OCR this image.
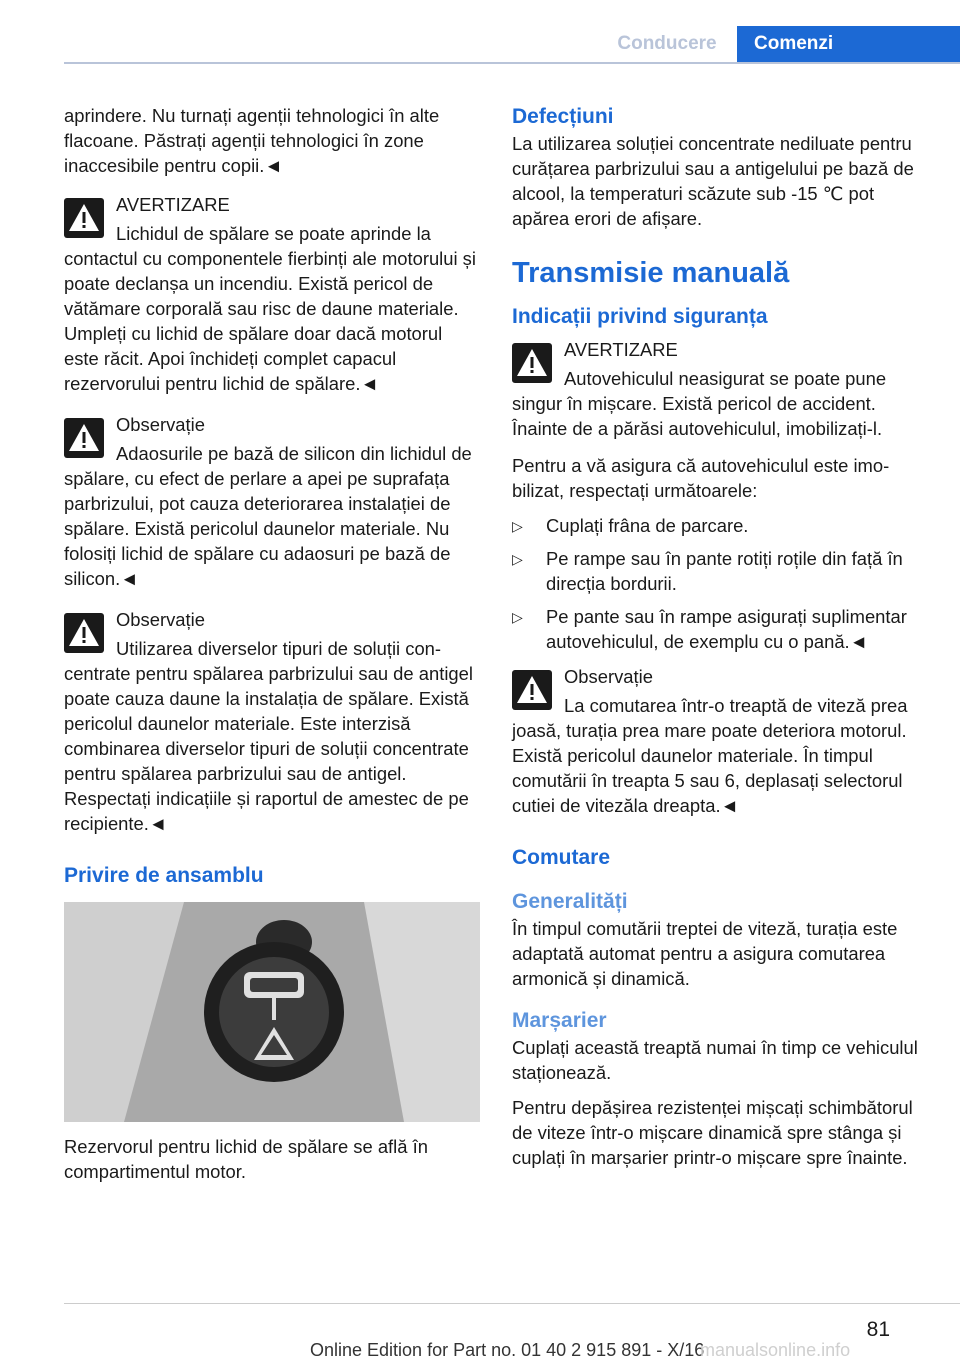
Conducere	Comenzi

aprindere. Nu turnați agenții tehnologici în alte flacoane. Păstrați agenții tehnologici în zone inaccesibile pentru copii.◄

AVERTIZARE

Lichidul de spălare se poate aprinde la contactul cu componentele fierbinți ale motorului și poate declanșa un incendiu. Există pericol de vătămare corporală sau risc de daune materiale. Umpleți cu lichid de spălare doar dacă motorul este răcit. Apoi închideți complet capacul rezervorului pentru lichid de spălare.◄

Observație

Adaosurile pe bază de silicon din lichidul de spălare, cu efect de perlare a apei pe suprafața parbrizului, pot cauza deteriorarea instalației de spălare. Există pericolul daunelor materiale. Nu folosiți lichid de spălare cu adaosuri pe bază de silicon.◄

Observație

Utilizarea diverselor tipuri de soluții concentrate pentru spălarea parbrizului sau de antigel poate cauza daune la instalația de spălare. Există pericolul daunelor materiale. Este interzisă combinarea diverselor tipuri de soluții concentrate pentru spălarea parbrizului sau de antigel. Respectați indicațiile și raportul de amestec de pe recipiente.◄

Privire de ansamblu

Rezervorul pentru lichid de spălare se află în compartimentul motor.

Defecțiuni

La utilizarea soluției concentrate nediluate pentru curățarea parbrizului sau a antigelului pe bază de alcool, la temperaturi scăzute sub -15 ℃ pot apărea erori de afișare.

Transmisie manuală

Indicații privind siguranța

AVERTIZARE

Autovehiculul neasigurat se poate pune singur în mișcare. Există pericol de accident. Înainte de a părăsi autovehiculul, imobilizați-l.

Pentru a vă asigura că autovehiculul este imobilizat, respectați următoarele:

▷ Cuplați frâna de parcare.
▷ Pe rampe sau în pante rotiți roțile din față în direcția bordurii.
▷ Pe pante sau în rampe asigurați suplimentar autovehiculul, de exemplu cu o pană.◄

Observație

La comutarea într-o treaptă de viteză prea joasă, turația prea mare poate deteriora motorul. Există pericolul daunelor materiale. În timpul comutării în treapta 5 sau 6, deplasați selectorul cutiei de vitezăla dreapta.◄

Comutare

Generalități

În timpul comutării treptei de viteză, turația este adaptată automat pentru a asigura comutarea armonică și dinamică.

Marșarier

Cuplați această treaptă numai în timp ce vehiculul staționează.

Pentru depășirea rezistenței mișcați schimbătorul de viteze într-o mișcare dinamică spre stânga și cuplați în marșarier printr-o mișcare spre înainte.

81
Online Edition for Part no. 01 40 2 915 891 - X/16
manualsonline.info
